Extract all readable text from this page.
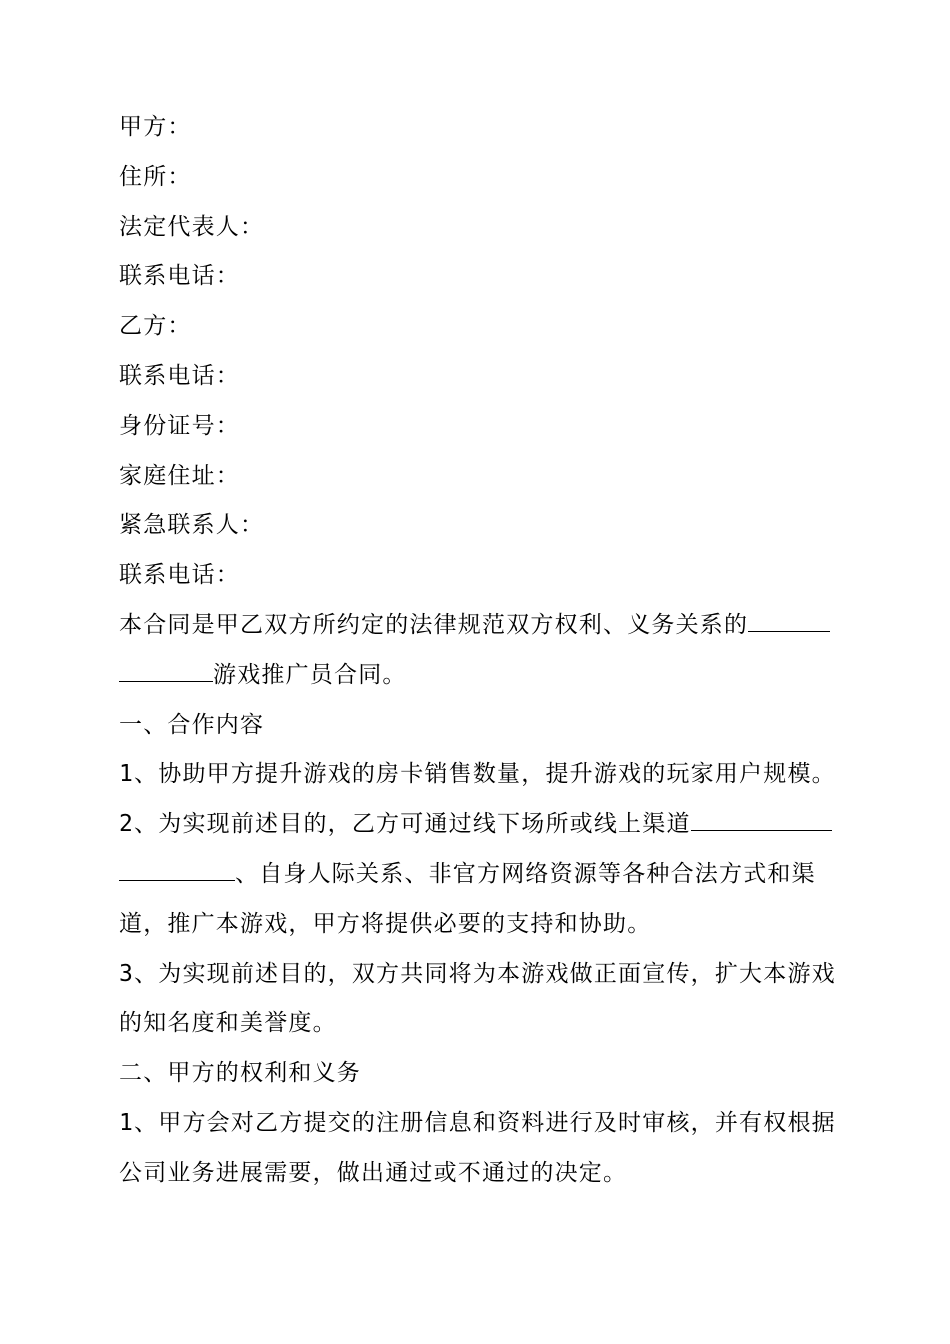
甲方：
住所：
法定代表人：
联系电话：
乙方：
联系电话：
身份证号：
家庭住址：
紧急联系人：
联系电话：
本合同是甲乙双方所约定的法律规范双方权利、义务关系的
游戏推广员合同。
一、合作内容
1、协助甲方提升游戏的房卡销售数量，提升游戏的玩家用户规模。
2、为实现前述目的，乙方可通过线下场所或线上渠道
、自身人际关系、非官方网络资源等各种合法方式和渠
道，推广本游戏，甲方将提供必要的支持和协助。
3、为实现前述目的，双方共同将为本游戏做正面宣传，扩大本游戏
的知名度和美誉度。
二、甲方的权利和义务
1、甲方会对乙方提交的注册信息和资料进行及时审核，并有权根据
公司业务进展需要，做出通过或不通过的决定。
